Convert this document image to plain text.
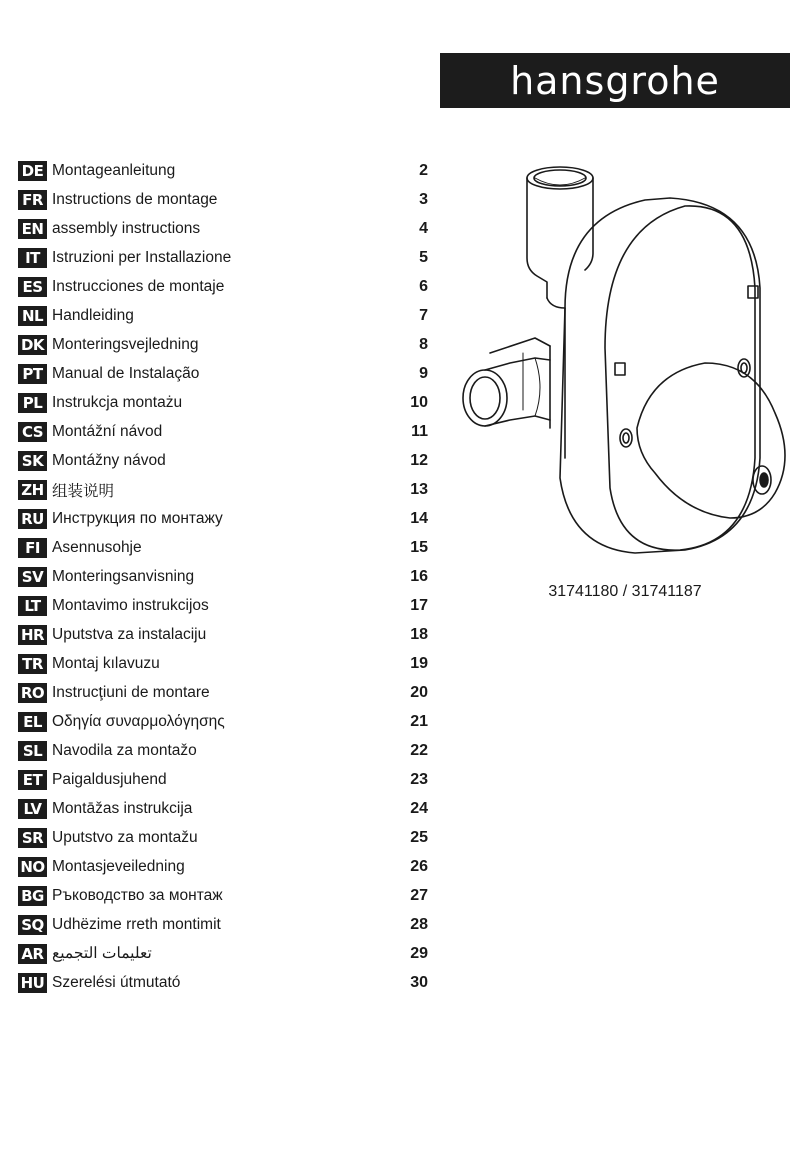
hansgrohe
DE Montageanleitung	2
FR Instructions de montage	3
EN assembly instructions	4
IT Istruzioni per Installazione	5
ES Instrucciones de montaje	6
NL Handleiding	7
DK Monteringsvejledning	8
PT Manual de Instalação	9
PL Instrukcja montażu	10
CS Montážní návod	11
SK Montážny návod	12
ZH 组装说明	13
RU Инструкция по монтажу	14
FI Asennusohje	15
SV Monteringsanvisning	16
LT Montavimo instrukcijos	17
HR Uputstva za instalaciju	18
TR Montaj kılavuzu	19
RO Instrucţiuni de montare	20
EL Οδηγία συναρμολόγησης	21
SL Navodila za montažo	22
ET Paigaldusjuhend	23
LV Montāžas instrukcija	24
SR Uputstvo za montažu	25
NO Montasjeveiledning	26
BG Ръководство за монтаж	27
SQ Udhëzime rreth montimit	28
AR تعليمات التجميع	29
HU Szerelési útmutató	30
31741180 / 31741187
